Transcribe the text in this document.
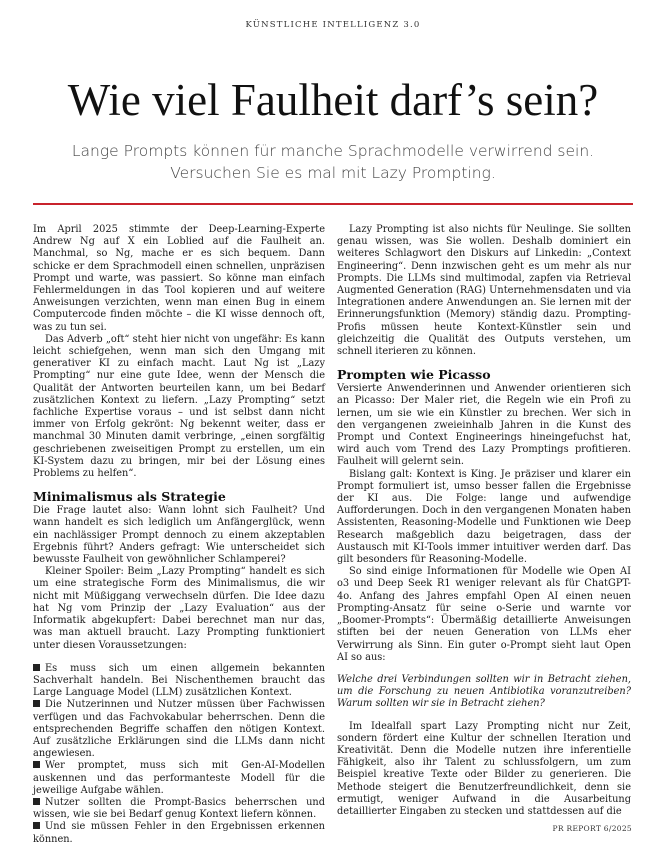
KÜNSTLICHE INTELLIGENZ 3.0
Wie viel Faulheit darf’s sein?

Lange Prompts können für manche Sprachmodelle verwirrend sein. Versuchen Sie es mal mit Lazy Prompting.

Im April 2025 stimmte der Deep-Learning-Experte Andrew Ng auf X ein Loblied auf die Faulheit an. Manchmal, so Ng, mache er es sich bequem. Dann schicke er dem Sprachmodell einen schnellen, unpräzisen Prompt und warte, was passiert. So könne man einfach Fehlermeldungen in das Tool kopieren und auf weitere Anweisungen verzichten, wenn man einen Bug in einem Computercode finden möchte – die KI wisse dennoch oft, was zu tun sei.

Das Adverb „oft“ steht hier nicht von ungefähr: Es kann leicht schiefgehen, wenn man sich den Umgang mit generativer KI zu einfach macht. Laut Ng ist „Lazy Prompting“ nur eine gute Idee, wenn der Mensch die Qualität der Antworten beurteilen kann, um bei Bedarf zusätzlichen Kontext zu liefern. „Lazy Prompting“ setzt fachliche Expertise voraus – und ist selbst dann nicht immer von Erfolg gekrönt: Ng bekennt weiter, dass er manchmal 30 Minuten damit verbringe, „einen sorgfältig geschriebenen zweiseitigen Prompt zu erstellen, um ein KI-System dazu zu bringen, mir bei der Lösung eines Problems zu helfen“.

Minimalismus als Strategie

Die Frage lautet also: Wann lohnt sich Faulheit? Und wann handelt es sich lediglich um Anfängerglück, wenn ein nachlässiger Prompt dennoch zu einem akzeptablen Ergebnis führt? Anders gefragt: Wie unterscheidet sich bewusste Faulheit von gewöhnlicher Schlamperei?

Kleiner Spoiler: Beim „Lazy Prompting“ handelt es sich um eine strategische Form des Minimalismus, die wir nicht mit Müßiggang verwechseln dürfen. Die Idee dazu hat Ng vom Prinzip der „Lazy Evaluation“ aus der Informatik abgekupfert: Dabei berechnet man nur das, was man aktuell braucht. Lazy Prompting funktioniert unter diesen Voraussetzungen:

Es muss sich um einen allgemein bekannten Sachverhalt handeln. Bei Nischenthemen braucht das Large Language Model (LLM) zusätzlichen Kontext.

Die Nutzerinnen und Nutzer müssen über Fachwissen verfügen und das Fachvokabular beherrschen. Denn die entsprechenden Begriffe schaffen den nötigen Kontext. Auf zusätzliche Erklärungen sind die LLMs dann nicht angewiesen.

Wer promptet, muss sich mit Gen-AI-Modellen auskennen und das performanteste Modell für die jeweilige Aufgabe wählen.

Nutzer sollten die Prompt-Basics beherrschen und wissen, wie sie bei Bedarf genug Kontext liefern können.

Und sie müssen Fehler in den Ergebnissen erkennen können.

Lazy Prompting ist also nichts für Neulinge. Sie sollten genau wissen, was Sie wollen. Deshalb dominiert ein weiteres Schlagwort den Diskurs auf Linkedin: „Context Engineering“. Denn inzwischen geht es um mehr als nur Prompts. Die LLMs sind multimodal, zapfen via Retrieval Augmented Generation (RAG) Unternehmensdaten und via Integrationen andere Anwendungen an. Sie lernen mit der Erinnerungsfunktion (Memory) ständig dazu. Prompting-Profis müssen heute Kontext-Künstler sein und gleichzeitig die Qualität des Outputs verstehen, um schnell iterieren zu können.

Prompten wie Picasso

Versierte Anwenderinnen und Anwender orientieren sich an Picasso: Der Maler riet, die Regeln wie ein Profi zu lernen, um sie wie ein Künstler zu brechen. Wer sich in den vergangenen zweieinhalb Jahren in die Kunst des Prompt und Context Engineerings hineingefuchst hat, wird auch vom Trend des Lazy Promptings profitieren. Faulheit will gelernt sein.

Bislang galt: Kontext is King. Je präziser und klarer ein Prompt formuliert ist, umso besser fallen die Ergebnisse der KI aus. Die Folge: lange und aufwendige Aufforderungen. Doch in den vergangenen Monaten haben Assistenten, Reasoning-Modelle und Funktionen wie Deep Research maßgeblich dazu beigetragen, dass der Austausch mit KI-Tools immer intuitiver werden darf. Das gilt besonders für Reasoning-Modelle.

So sind einige Informationen für Modelle wie Open AI o3 und Deep Seek R1 weniger relevant als für ChatGPT-4o. Anfang des Jahres empfahl Open AI einen neuen Prompting-Ansatz für seine o-Serie und warnte vor „Boomer-Prompts“: Übermäßig detaillierte Anweisungen stiften bei der neuen Generation von LLMs eher Verwirrung als Sinn. Ein guter o-Prompt sieht laut Open AI so aus:

Welche drei Verbindungen sollten wir in Betracht ziehen, um die Forschung zu neuen Antibiotika voranzutreiben? Warum sollten wir sie in Betracht ziehen?

Im Idealfall spart Lazy Prompting nicht nur Zeit, sondern fördert eine Kultur der schnellen Iteration und Kreativität. Denn die Modelle nutzen ihre inferentielle Fähigkeit, also ihr Talent zu schlussfolgern, um zum Beispiel kreative Texte oder Bilder zu generieren. Die Methode steigert die Benutzerfreundlichkeit, denn sie ermutigt, weniger Aufwand in die Ausarbeitung detaillierter Eingaben zu stecken und stattdessen auf die

4	PR REPORT 6/2025
